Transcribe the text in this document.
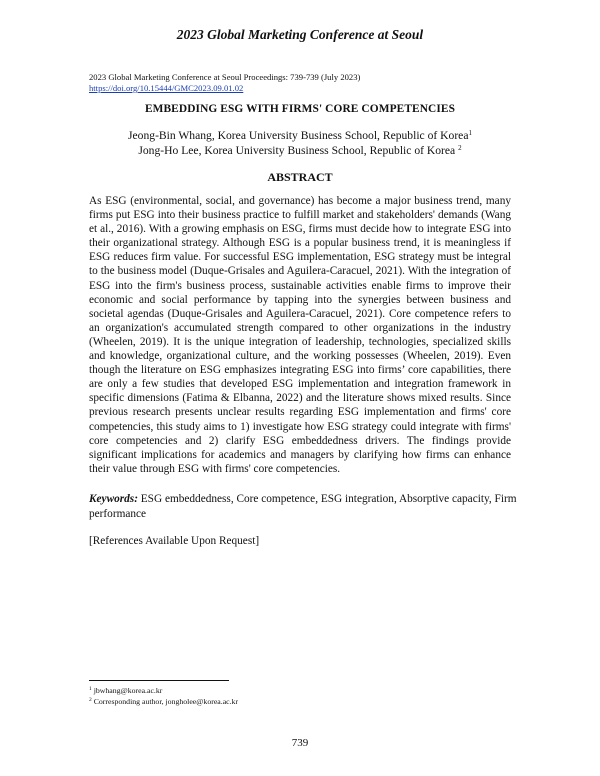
2023 Global Marketing Conference at Seoul
2023 Global Marketing Conference at Seoul Proceedings: 739-739 (July 2023)
https://doi.org/10.15444/GMC2023.09.01.02
EMBEDDING ESG WITH FIRMS' CORE COMPETENCIES
Jeong-Bin Whang, Korea University Business School, Republic of Korea$^1$
Jong-Ho Lee, Korea University Business School, Republic of Korea $^2$
ABSTRACT

As ESG (environmental, social, and governance) has become a major business trend, many firms put ESG into their business practice to fulfill market and stakeholders' demands (Wang et al., 2016). With a growing emphasis on ESG, firms must decide how to integrate ESG into their organizational strategy. Although ESG is a popular business trend, it is meaningless if ESG reduces firm value. For successful ESG implementation, ESG strategy must be integral to the business model (Duque-Grisales and Aguilera-Caracuel, 2021). With the integration of ESG into the firm's business process, sustainable activities enable firms to improve their economic and social performance by tapping into the synergies between business and societal agendas (Duque-Grisales and Aguilera-Caracuel, 2021). Core competence refers to an organization's accumulated strength compared to other organizations in the industry (Wheelen, 2019). It is the unique integration of leadership, technologies, specialized skills and knowledge, organizational culture, and the working possesses (Wheelen, 2019). Even though the literature on ESG emphasizes integrating ESG into firms’ core capabilities, there are only a few studies that developed ESG implementation and integration framework in specific dimensions (Fatima & Elbanna, 2022) and the literature shows mixed results. Since previous research presents unclear results regarding ESG implementation and firms' core competencies, this study aims to 1) investigate how ESG strategy could integrate with firms' core competencies and 2) clarify ESG embeddedness drivers. The findings provide significant implications for academics and managers by clarifying how firms can enhance their value through ESG with firms' core competencies.

Keywords: ESG embeddedness, Core competence, ESG integration, Absorptive capacity, Firm performance

[References Available Upon Request]
$^1$ jbwhang@korea.ac.kr
$^2$ Corresponding author, jongholee@korea.ac.kr
739
